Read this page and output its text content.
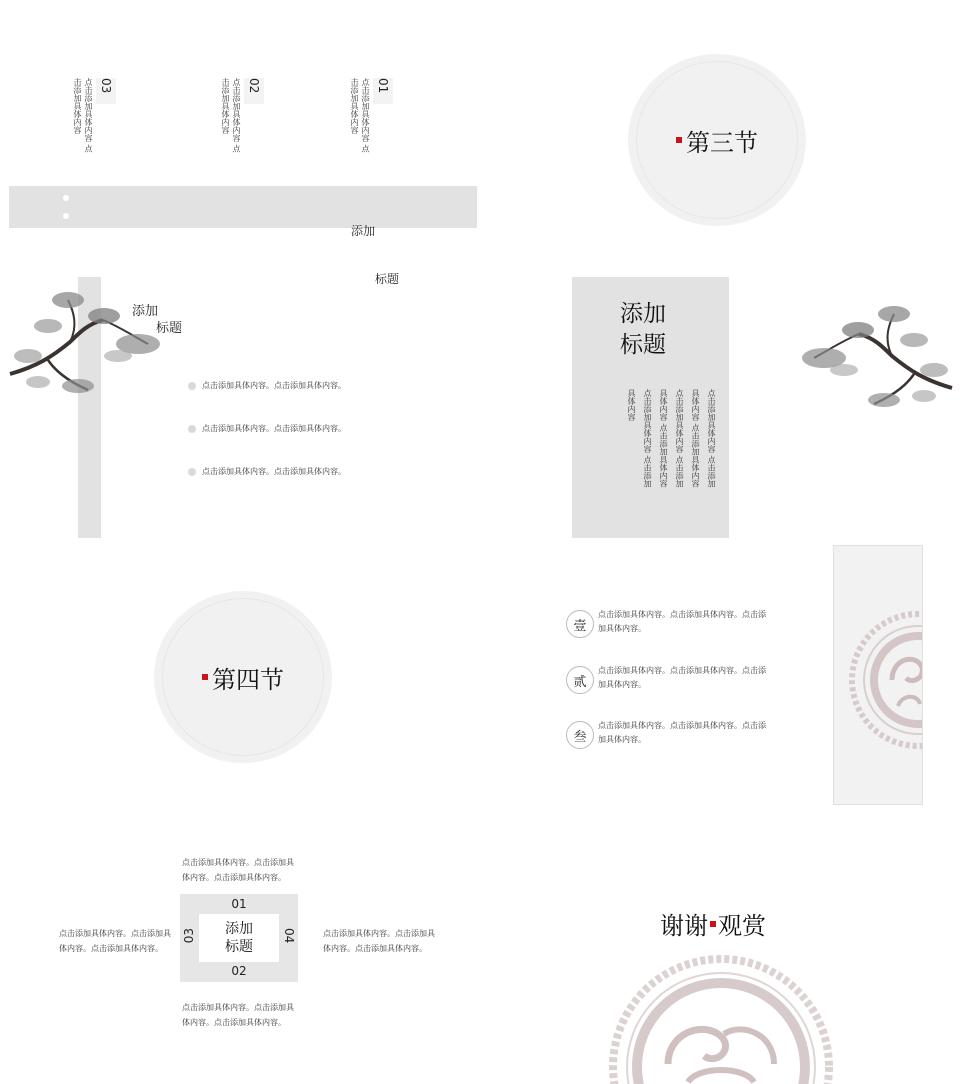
03
点击添加具体内容 点击添加具体内容	02
点击添加具体内容 点击添加具体内容	01
点击添加具体内容 点击添加具体内容

添加

标题

第三节
添加
标题
点击添加具体内容。点击添加具体内容。
点击添加具体内容。点击添加具体内容。
点击添加具体内容。点击添加具体内容。
添加
标题
点击添加具体内容 点击添加具体内容 点击添加具体内容 点击添加具体内容 点击添加具体内容 点击添加具体内容 点击添加具体内容 点击添加具体内容
第四节
壹
点击添加具体内容。点击添加具体内容。点击添加具体内容。
贰
点击添加具体内容。点击添加具体内容。点击添加具体内容。
叁
点击添加具体内容。点击添加具体内容。点击添加具体内容。
点击添加具体内容。点击添加具体内容。点击添加具体内容。
01
02
03	04
添加
标题
点击添加具体内容。点击添加具体内容。点击添加具体内容。
点击添加具体内容。点击添加具体内容。点击添加具体内容。
点击添加具体内容。点击添加具体内容。点击添加具体内容。
谢谢 观赏
